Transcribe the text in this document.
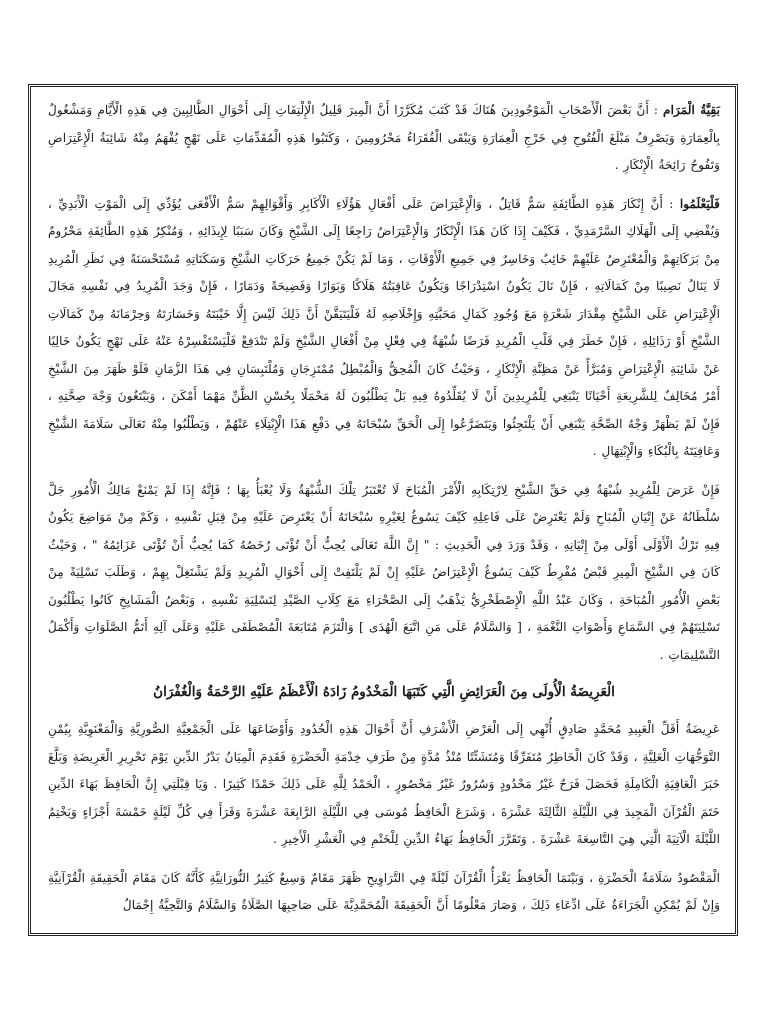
بَقِيَّةُ الْمَرَام : أَنَّ بَعْضَ الْأَصْحَابِ الْمَوْجُودِينَ هُنَاكَ قَدْ كَتَبَ مُكَرَّرًا أَنَّ الْمِيرَ قَلِيلُ الْإِلْتِفَاتِ إِلَى أَحْوَالِ الطَّالِبِينَ فِي هَذِهِ الْأَيَّامِ وَمَشْغُولٌ بِالْعِمَارَةِ وَيَصْرِفُ مَبْلَغَ الْفُتُوحِ فِي خَرْجِ الْعِمَارَةِ وَيَبْقَى الْفُقَرَاءُ مَحْرُومِينَ ، وَكَتَبُوا هَذِهِ الْمُقَدِّمَاتِ عَلَى نَهْجٍ يُفْهَمُ مِنْهُ شَائِبَةُ الْإِعْتِرَاضِ وَتَفُوحُ رَائِحَةُ الْإِنْكَارِ .

فَلْيَعْلَمُوا : أَنَّ إِنْكَارَ هَذِهِ الطَّائِفَةِ سَمٌّ قَاتِلٌ ، وَالْإِعْتِرَاضَ عَلَى أَفْعَالِ هَؤُلَاءِ الْأَكَابِرِ وَأَقْوَالِهِمْ سَمُّ الْأَفْعَى يُؤَدِّي إِلَى الْمَوْتِ الْأَبَدِيِّ ، وَيُفْضِي إِلَى الْهَلَاكِ السَّرْمَدِيِّ ، فَكَيْفَ إِذَا كَانَ هَذَا الْإِنْكَارُ وَالْإِعْتِرَاضُ رَاجِعًا إِلَى الشَّيْخِ وَكَانَ سَبَبًا لِإِيذَائِهِ ، وَمُنْكِرُ هَذِهِ الطَّائِفَةِ مَحْرُومٌ مِنْ بَرَكَاتِهِمْ وَالْمُعْتَرِضُ عَلَيْهِمْ خَائِبٌ وَخَاسِرٌ فِي جَمِيعِ الْأَوْقَاتِ ، وَمَا لَمْ يَكُنْ جَمِيعُ حَرَكَاتِ الشَّيْخِ وَسَكَنَاتِهِ مُسْتَحْسَنَةً فِي نَظَرِ الْمُرِيدِ لَا يَنَالُ نَصِيبًا مِنْ كَمَالَاتِهِ ، فَإِنْ نَالَ يَكُونُ اسْتِدْرَاجًا وَيَكُونُ عَاقِبَتُهُ هَلَاكًا وَبَوَارًا وَفَضِيحَةً وَدَمَارًا ، فَإِنْ وَجَدَ الْمُرِيدُ فِي نَفْسِهِ مَجَالَ الْإِعْتِرَاضِ عَلَى الشَّيْخِ مِقْدَارَ شَعْرَةٍ مَعَ وُجُودِ كَمَالِ مَحَبَّتِهِ وَإِخْلَاصِهِ لَهُ فَلْيَتَيَقَّنْ أَنَّ ذَلِكَ لَيْسَ إِلَّا خَيْبَتَهُ وَخَسَارَتَهُ وَحِرْمَانَهُ مِنْ كَمَالَاتِ الشَّيْخِ أَوْ رَذَائِلِهِ ، فَإِنْ خَطَرَ فِي قَلْبِ الْمُرِيدِ فَرَضًا شُبْهَةٌ فِي فِعْلٍ مِنْ أَفْعَالِ الشَّيْخِ وَلَمْ تَنْدَفِعْ فَلْيَسْتَفْسِرْهُ عَنْهُ عَلَى نَهْجٍ يَكُونُ خَالِيًا عَنْ شَائِبَةِ الْإِعْتِرَاضِ وَمُبَرَّأً عَنْ مَظِنَّةِ الْإِنْكَارِ ، وَحَيْثُ كَانَ الْمُحِقُّ وَالْمُبْطِلُ مُمْتَزِجَانِ وَمُلْتَبِسَانِ فِي هَذَا الزَّمَانِ فَلَوْ ظَهَرَ مِنَ الشَّيْخِ أَمْرٌ مُخَالِفٌ لِلشَّرِيعَةِ أَحْيَانًا يَنْبَغِي لِلْمُرِيدِينَ أَنْ لَا يُقَلِّدُوهُ فِيهِ بَلْ يَطْلُبُونَ لَهُ مَحْمَلًا بِحُسْنِ الظَّنِّ مَهْمَا أَمْكَنَ ، وَيَبْتَغُونَ وَجْهَ صِحَّتِهِ ، فَإِنْ لَمْ يَظْهَرْ وَجْهُ الصِّحَّةِ يَنْبَغِي أَنْ يَلْتَجِئُوا وَيَتَضَرَّعُوا إِلَى الْحَقِّ سُبْحَانَهُ فِي دَفْعِ هَذَا الْإِبْتِلَاءِ عَنْهُمْ ، وَيَطْلُبُوا مِنْهُ تَعَالَى سَلَامَةَ الشَّيْخِ وَعَافِيَتَهُ بِالْبُكَاءِ وَالْإِبْتِهَالِ .

فَإِنْ عَرَضَ لِلْمُرِيدِ شُبْهَةٌ فِي حَقِّ الشَّيْخِ لِارْتِكَابِهِ الْأَمْرَ الْمُبَاحَ لَا تُعْتَبَرُ تِلْكَ الشُّبْهَةُ وَلَا يُعْبَأُ بِهَا ؛ فَإِنَّهُ إِذَا لَمْ يَمْنَعْ مَالِكُ الْأُمُورِ جَلَّ سُلْطَانُهُ عَنْ إِتْيَانِ الْمُبَاحِ وَلَمْ يَعْتَرِضْ عَلَى فَاعِلِهِ كَيْفَ يَسُوغُ لِغَيْرِهِ سُبْحَانَهُ أَنْ يَعْتَرِضَ عَلَيْهِ مِنْ قِبَلِ نَفْسِهِ ، وَكَمْ مِنْ مَوَاضِعَ يَكُونُ فِيهِ تَرْكُ الْأَوْلَى أَوْلَى مِنْ إِتْيَانِهِ ، وَقَدْ وَرَدَ فِي الْحَدِيثِ : " إِنَّ اللَّهَ تَعَالَى يُحِبُّ أَنْ تُؤْتَى رُخَصُهُ كَمَا يُحِبُّ أَنْ تُؤْتَى عَزَائِمُهُ " ، وَحَيْثُ كَانَ فِي الشَّيْخِ الْمِيرِ قَبْضٌ مُفْرِطٌ كَيْفَ يَسُوغُ الْإِعْتِرَاضُ عَلَيْهِ إِنْ لَمْ يَلْتَفِتْ إِلَى أَحْوَالِ الْمُرِيدِ وَلَمْ يَشْتَغِلْ بِهِمْ ، وَطَلَبَ تَسْلِيَةً مِنْ بَعْضِ الْأُمُورِ الْمُبَاحَةِ ، وَكَانَ عَبْدُ اللَّهِ الْإِصْطَخْرِيُّ يَذْهَبُ إِلَى الصَّحْرَاءِ مَعَ كِلَابِ الصَّيْدِ لِتَسْلِيَةِ نَفْسِهِ ، وَبَعْضُ الْمَشَايِخِ كَانُوا يَطْلُبُونَ تَسْلِيَتَهُمْ فِي السَّمَاعِ وَأَصْوَاتِ النَّغْمَةِ ، [ وَالسَّلَامُ عَلَى مَنِ اتَّبَعَ الْهُدَى ] وَالْتَزَمَ مُتَابَعَةَ الْمُصْطَفَى عَلَيْهِ وَعَلَى آلِهِ أَتَمُّ الصَّلَوَاتِ وَأَكْمَلُ التَّسْلِيمَاتِ .

الْعَرِيضَةُ الْأُولَى مِنَ الْعَرَائِضِ الَّتِي كَتَبَهَا الْمَخْدُومُ زَادَهُ الْأَعْظَمُ عَلَيْهِ الرَّحْمَةُ وَالْغُفْرَانُ

عَرِيضَةُ أَقَلِّ الْعَبِيدِ مُحَمَّدٍ صَادِقٍ أُنْهِي إِلَى الْعَرْضِ الْأَشْرَفِ أَنَّ أَحْوَالَ هَذِهِ الْحُدُودِ وَأَوْضَاعَهَا عَلَى الْجَمْعِيَّةِ الصُّورِيَّةِ وَالْمَعْنَوِيَّةِ بِيُمْنِ التَّوَجُّهَاتِ الْعَلِيَّةِ ، وَقَدْ كَانَ الْخَاطِرُ مُتَفَرِّقًا وَمُتَشَتِّتًا مُنْذُ مُدَّةٍ مِنْ طَرَفِ خِدْمَةِ الْحَضْرَةِ فَقَدِمَ الْمِيَانُ بَدْرُ الدِّينِ يَوْمَ تَحْرِيرِ الْعَرِيضَةِ وَبَلَّغَ خَبَرَ الْعَافِيَةِ الْكَامِلَةِ فَحَصَلَ فَرَحٌ غَيْرُ مَحْدُودٍ وَسُرُورٌ غَيْرُ مَحْصُورٍ ، الْحَمْدُ لِلَّهِ عَلَى ذَلِكَ حَمْدًا كَثِيرًا . وَيَا قِبْلَتِي إِنَّ الْحَافِظَ بَهَاءَ الدِّينِ خَتَمَ الْقُرْآنَ الْمَجِيدَ فِي اللَّيْلَةِ الثَّالِثَةَ عَشْرَةَ ، وَشَرَعَ الْحَافِظُ مُوسَى فِي اللَّيْلَةِ الرَّابِعَةَ عَشْرَةَ وَقَرَأَ فِي كُلِّ لَيْلَةٍ خَمْسَةَ أَجْزَاءٍ وَيَخْتِمُ اللَّيْلَةَ الْآتِيَةَ الَّتِي هِيَ التَّاسِعَةَ عَشْرَةَ . وَتَقَرَّرَ الْحَافِظُ بَهَاءُ الدِّينِ لِلْخَتْمِ فِي الْعَشْرِ الْأَخِيرِ .

الْمَقْصُودُ سَلَامَةُ الْحَضْرَةِ ، وَبَيْنَمَا الْحَافِظُ يَقْرَأُ الْقُرْآنَ لَيْلَةً فِي التَّرَاوِيحِ ظَهَرَ مَقَامٌ وَسِيعٌ كَثِيرُ النُّورَانِيَّةِ كَأَنَّهُ كَانَ مَقَامَ الْحَقِيقَةِ الْقُرْآنِيَّةِ وَإِنْ لَمْ يُمْكِنِ الْجَرَاءَةُ عَلَى ادِّعَاءِ ذَلِكَ ، وَصَارَ مَعْلُومًا أَنَّ الْحَقِيقَةَ الْمُحَمَّدِيَّةَ عَلَى صَاحِبِهَا الصَّلَاةُ وَالسَّلَامُ وَالتَّحِيَّةُ إِجْمَالُ
